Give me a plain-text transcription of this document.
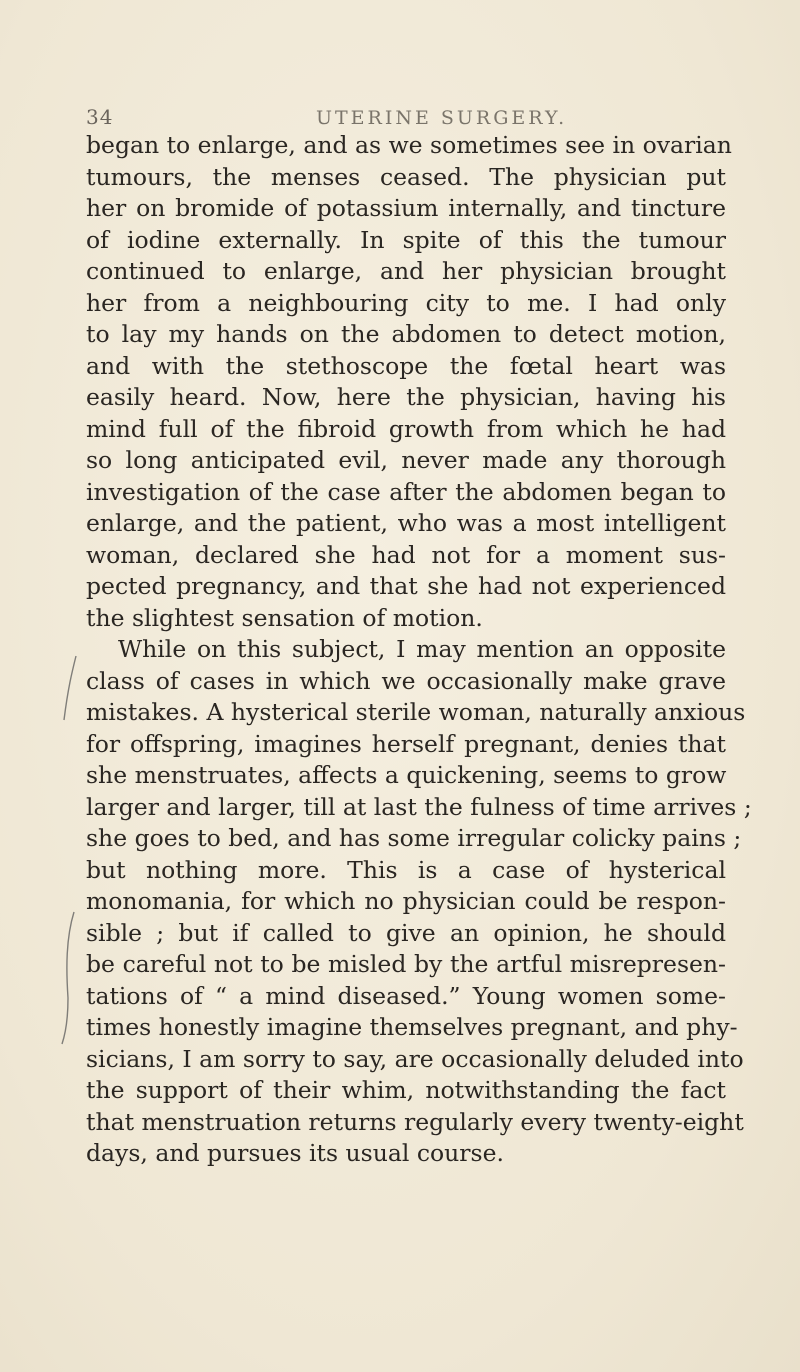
34	UTERINE SURGERY.
began to enlarge, and as we sometimes see in ovarian
tumours, the menses ceased. The physician put
her on bromide of potassium internally, and tincture
of iodine externally. In spite of this the tumour
continued to enlarge, and her physician brought
her from a neighbouring city to me. I had only
to lay my hands on the abdomen to detect motion,
and with the stethoscope the fœtal heart was
easily heard. Now, here the physician, having his
mind full of the fibroid growth from which he had
so long anticipated evil, never made any thorough
investigation of the case after the abdomen began to
enlarge, and the patient, who was a most intelligent
woman, declared she had not for a moment sus-
pected pregnancy, and that she had not experienced
the slightest sensation of motion.
While on this subject, I may mention an opposite
class of cases in which we occasionally make grave
mistakes. A hysterical sterile woman, naturally anxious
for offspring, imagines herself pregnant, denies that
she menstruates, affects a quickening, seems to grow
larger and larger, till at last the fulness of time arrives ;
she goes to bed, and has some irregular colicky pains ;
but nothing more. This is a case of hysterical
monomania, for which no physician could be respon-
sible ; but if called to give an opinion, he should
be careful not to be misled by the artful misrepresen-
tations of “ a mind diseased.” Young women some-
times honestly imagine themselves pregnant, and phy-
sicians, I am sorry to say, are occasionally deluded into
the support of their whim, notwithstanding the fact
that menstruation returns regularly every twenty-eight
days, and pursues its usual course.
